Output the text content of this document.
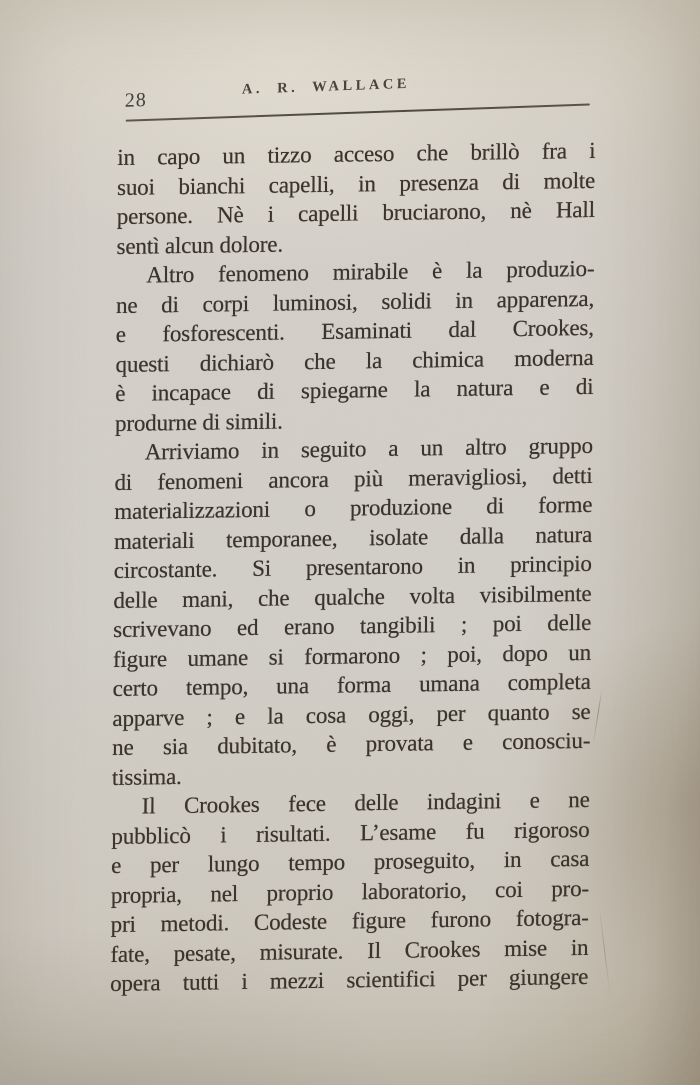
28
A. R. WALLACE
in capo un tizzo acceso che brillò fra i
suoi bianchi capelli, in presenza di molte
persone. Nè i capelli bruciarono, nè Hall
sentì alcun dolore.
Altro fenomeno mirabile è la produzio-
ne di corpi luminosi, solidi in apparenza,
e fosforescenti. Esaminati dal Crookes,
questi dichiarò che la chimica moderna
è incapace di spiegarne la natura e di
produrne di simili.
Arriviamo in seguito a un altro gruppo
di fenomeni ancora più meravigliosi, detti
materializzazioni o produzione di forme
materiali temporanee, isolate dalla natura
circostante. Si presentarono in principio
delle mani, che qualche volta visibilmente
scrivevano ed erano tangibili ; poi delle
figure umane si formarono ; poi, dopo un
certo tempo, una forma umana completa
apparve ; e la cosa oggi, per quanto se
ne sia dubitato, è provata e conosciu-
tissima.
Il Crookes fece delle indagini e ne
pubblicò i risultati. L’esame fu rigoroso
e per lungo tempo proseguito, in casa
propria, nel proprio laboratorio, coi pro-
pri metodi. Codeste figure furono fotogra-
fate, pesate, misurate. Il Crookes mise in
opera tutti i mezzi scientifici per giungere
